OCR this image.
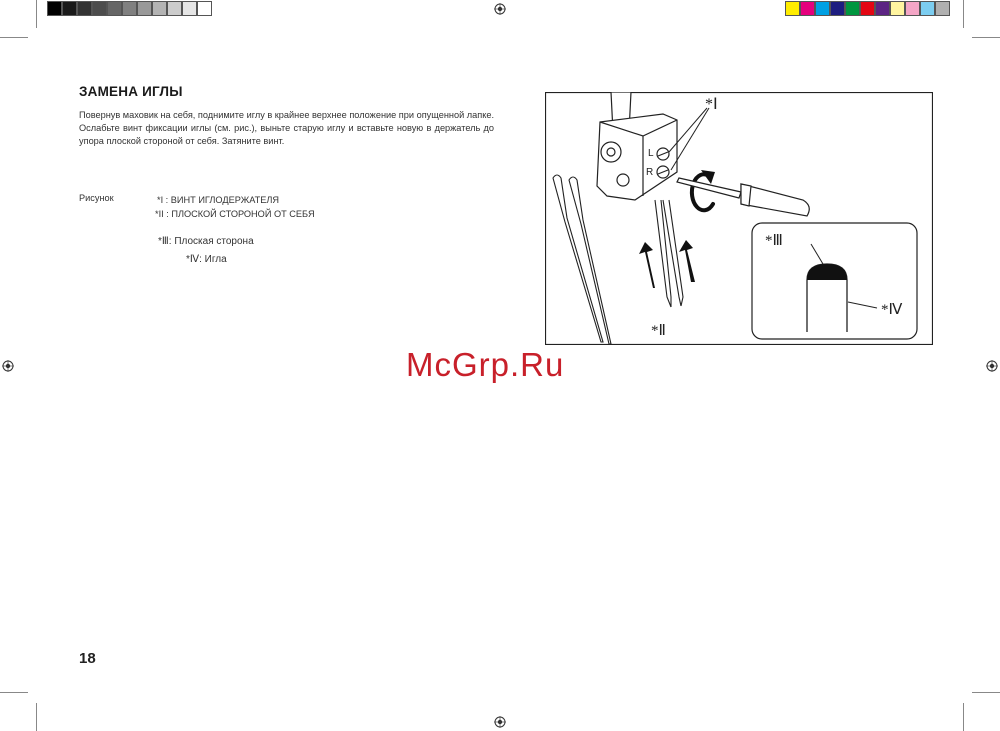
ЗАМЕНА ИГЛЫ
Повернув маховик на себя, поднимите иглу в крайнее верхнее положение при опущенной лапке. Ослабьте винт фиксации иглы (см. рис.), выньте старую иглу и вставьте новую в держатель до упора плоской стороной от себя. Затяните винт.
Рисунок	*I : ВИНТ ИГЛОДЕРЖАТЕЛЯ
*II : ПЛОСКОЙ СТОРОНОЙ ОТ СЕБЯ
*Ⅲ: Плоская сторона
*Ⅳ: Игла
18
McGrp.Ru
L
R
*Ⅰ
*Ⅱ
*Ⅲ
*Ⅳ
